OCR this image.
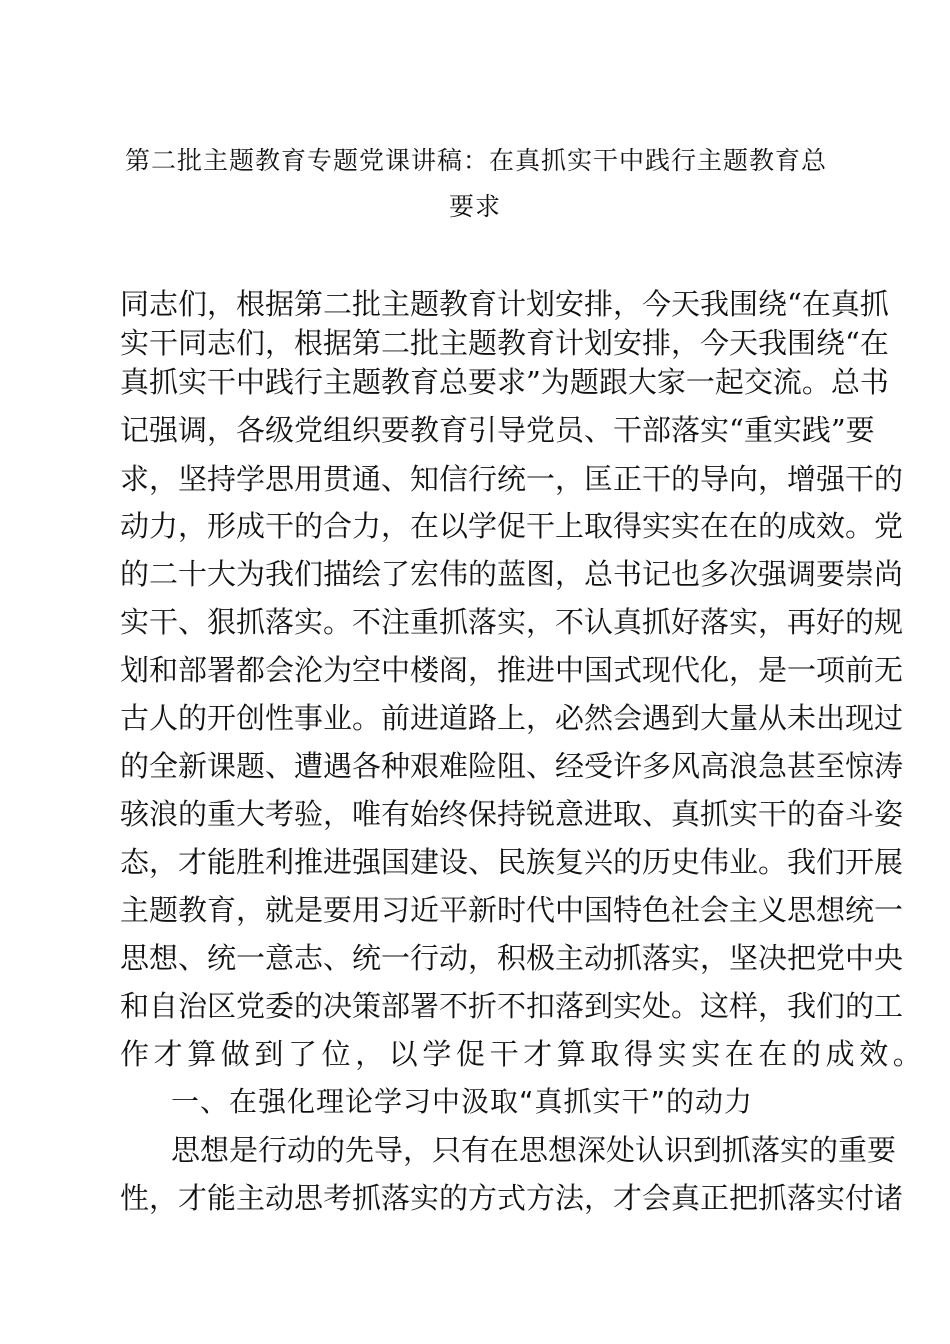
第二批主题教育专题党课讲稿：在真抓实干中践行主题教育总
要求
同志们，根据第二批主题教育计划安排，今天我围绕“在真抓
实干同志们，根据第二批主题教育计划安排，今天我围绕“在
真抓实干中践行主题教育总要求”为题跟大家一起交流。总书
记强调，各级党组织要教育引导党员、干部落实“重实践”要
求，坚持学思用贯通、知信行统一，匡正干的导向，增强干的
动力，形成干的合力，在以学促干上取得实实在在的成效。党
的二十大为我们描绘了宏伟的蓝图，总书记也多次强调要崇尚
实干、狠抓落实。不注重抓落实，不认真抓好落实，再好的规
划和部署都会沦为空中楼阁，推进中国式现代化，是一项前无
古人的开创性事业。前进道路上，必然会遇到大量从未出现过
的全新课题、遭遇各种艰难险阻、经受许多风高浪急甚至惊涛
骇浪的重大考验，唯有始终保持锐意进取、真抓实干的奋斗姿
态，才能胜利推进强国建设、民族复兴的历史伟业。我们开展
主题教育，就是要用习近平新时代中国特色社会主义思想统一
思想、统一意志、统一行动，积极主动抓落实，坚决把党中央
和自治区党委的决策部署不折不扣落到实处。这样，我们的工
作才算做到了位，以学促干才算取得实实在在的成效。
一、在强化理论学习中汲取“真抓实干”的动力
思想是行动的先导，只有在思想深处认识到抓落实的重要
性，才能主动思考抓落实的方式方法，才会真正把抓落实付诸
